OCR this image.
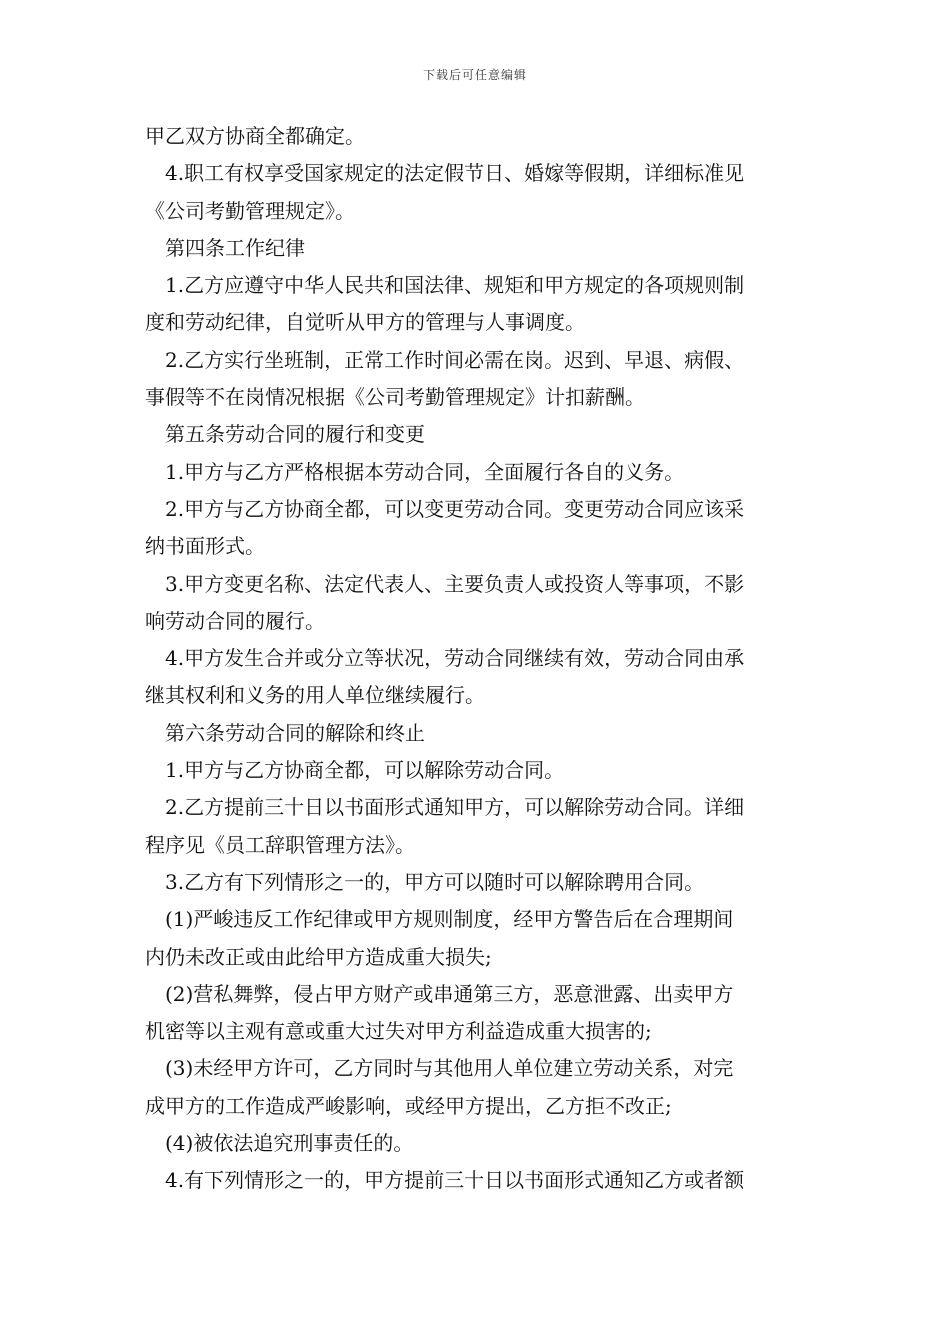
下载后可任意编辑

甲乙双方协商全都确定。

4.职工有权享受国家规定的法定假节日、婚嫁等假期，详细标准见

《公司考勤管理规定》。

第四条工作纪律

1.乙方应遵守中华人民共和国法律、规矩和甲方规定的各项规则制

度和劳动纪律，自觉听从甲方的管理与人事调度。

2.乙方实行坐班制，正常工作时间必需在岗。迟到、早退、病假、

事假等不在岗情况根据《公司考勤管理规定》计扣薪酬。

第五条劳动合同的履行和变更

1.甲方与乙方严格根据本劳动合同，全面履行各自的义务。

2.甲方与乙方协商全都，可以变更劳动合同。变更劳动合同应该采

纳书面形式。

3.甲方变更名称、法定代表人、主要负责人或投资人等事项，不影

响劳动合同的履行。

4.甲方发生合并或分立等状况，劳动合同继续有效，劳动合同由承

继其权利和义务的用人单位继续履行。

第六条劳动合同的解除和终止

1.甲方与乙方协商全都，可以解除劳动合同。

2.乙方提前三十日以书面形式通知甲方，可以解除劳动合同。详细

程序见《员工辞职管理方法》。

3.乙方有下列情形之一的，甲方可以随时可以解除聘用合同。

(1)严峻违反工作纪律或甲方规则制度，经甲方警告后在合理期间

内仍未改正或由此给甲方造成重大损失;

(2)营私舞弊，侵占甲方财产或串通第三方，恶意泄露、出卖甲方

机密等以主观有意或重大过失对甲方利益造成重大损害的;

(3)未经甲方许可，乙方同时与其他用人单位建立劳动关系，对完

成甲方的工作造成严峻影响，或经甲方提出，乙方拒不改正;

(4)被依法追究刑事责任的。

4.有下列情形之一的，甲方提前三十日以书面形式通知乙方或者额
